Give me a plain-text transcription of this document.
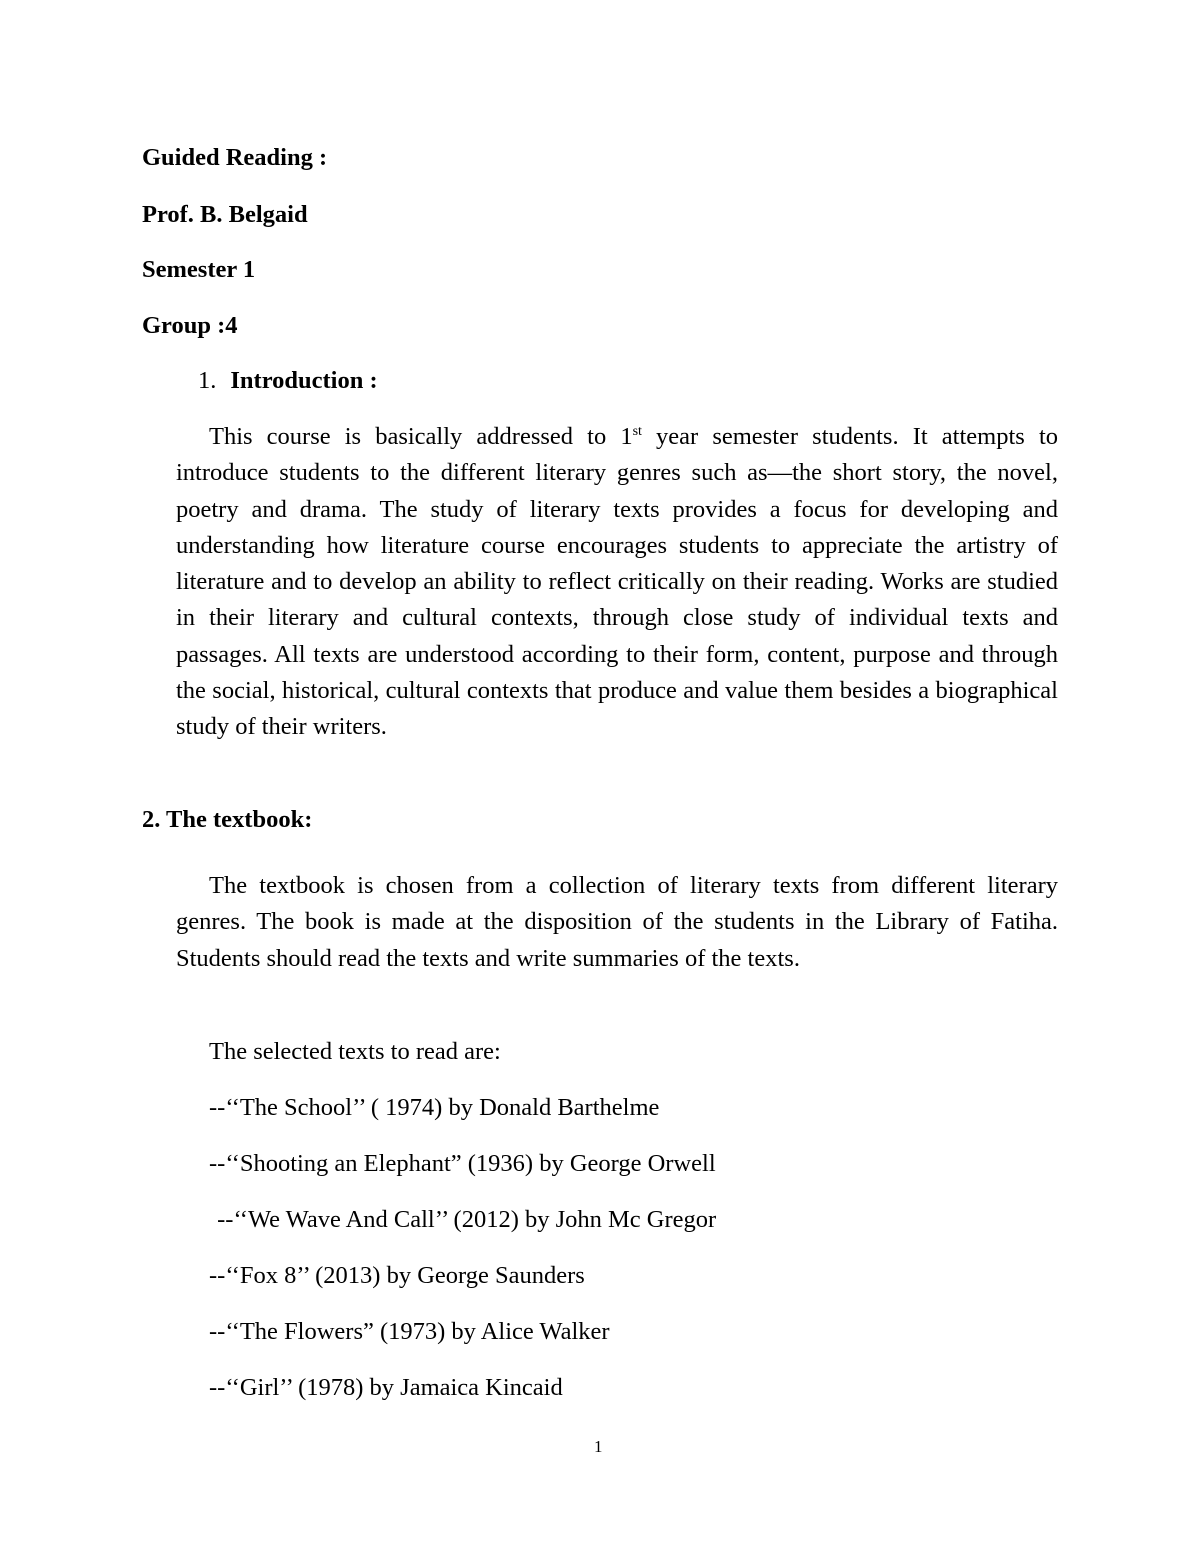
Guided Reading :
Prof. B. Belgaid
Semester 1
Group :4
1. Introduction :
This course is basically addressed to 1st year semester students. It attempts to introduce students to the different literary genres such as—the short story, the novel, poetry and drama. The study of literary texts provides a focus for developing and understanding how literature course encourages students to appreciate the artistry of literature and to develop an ability to reflect critically on their reading. Works are studied in their literary and cultural contexts, through close study of individual texts and passages. All texts are understood according to their form, content, purpose and through the social, historical, cultural contexts that produce and value them besides a biographical study of their writers.
2. The textbook:
The textbook is chosen from a collection of literary texts from different literary genres. The book is made at the disposition of the students in the Library of Fatiha. Students should read the texts and write summaries of the texts.
The selected texts to read are:
--‘‘The School’’ ( 1974) by Donald Barthelme
--‘‘Shooting an Elephant” (1936) by George Orwell
--‘‘We Wave And Call’’ (2012) by John Mc Gregor
--‘‘Fox 8’’ (2013) by George Saunders
--‘‘The Flowers” (1973) by Alice Walker
--‘‘Girl’’ (1978) by Jamaica Kincaid
1
